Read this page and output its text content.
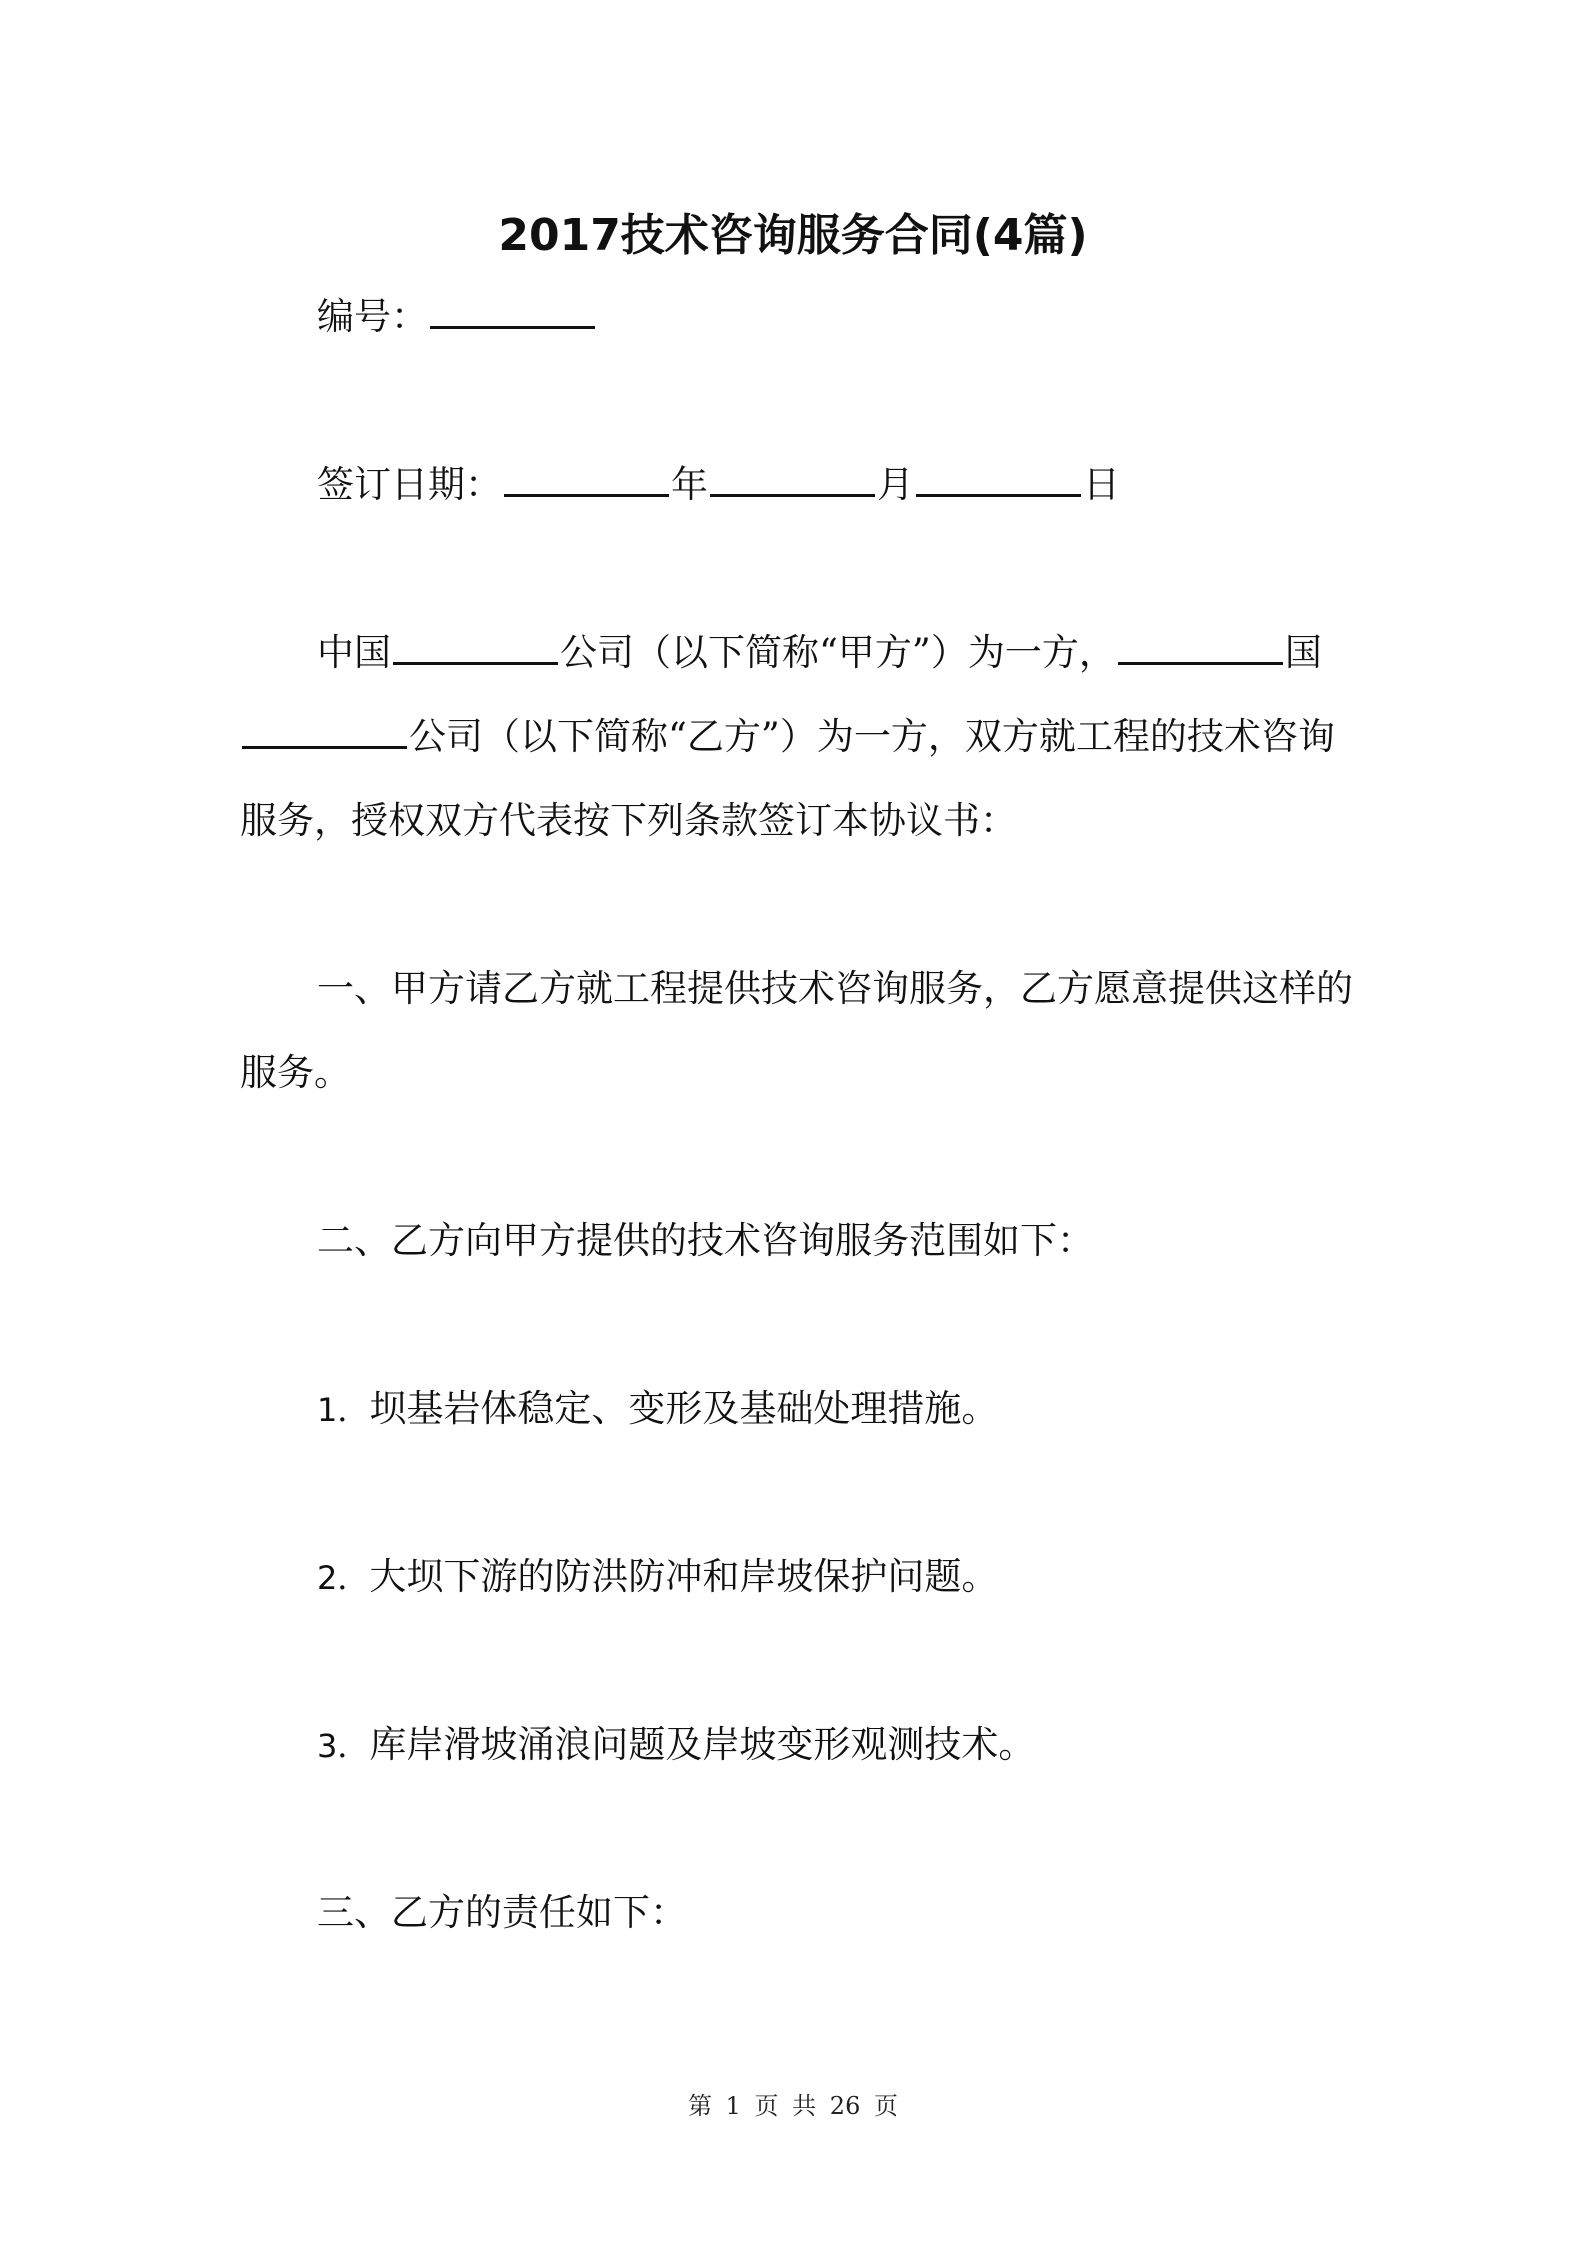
2017技术咨询服务合同(4篇)
编号：
签订日期：	年	月	日
中国	公司（以下简称“甲方”）为一方，	国
公司（以下简称“乙方”）为一方，双方就工程的技术咨询
服务，授权双方代表按下列条款签订本协议书：
一、甲方请乙方就工程提供技术咨询服务，乙方愿意提供这样的
服务。
二、乙方向甲方提供的技术咨询服务范围如下：
1．坝基岩体稳定、变形及基础处理措施。
2．大坝下游的防洪防冲和岸坡保护问题。
3．库岸滑坡涌浪问题及岸坡变形观测技术。
三、乙方的责任如下：
第 1 页 共 26 页
